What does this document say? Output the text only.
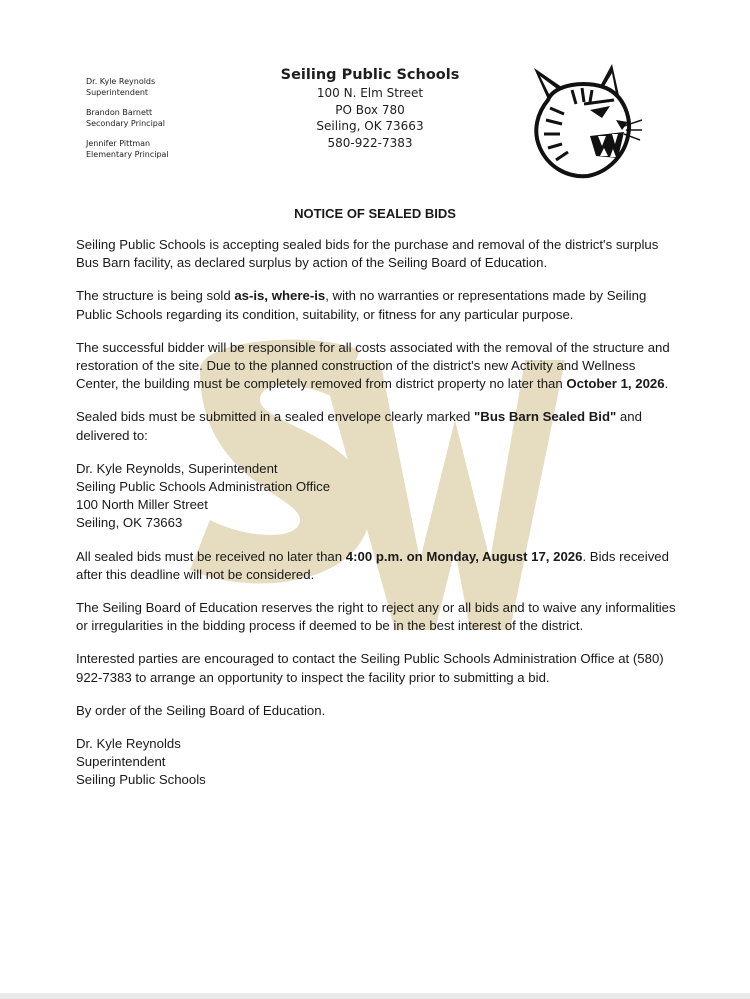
Dr. Kyle Reynolds
Superintendent
Brandon Barnett
Secondary Principal
Jennifer Pittman
Elementary Principal
Seiling Public Schools
100 N. Elm Street
PO Box 780
Seiling, OK 73663
580-922-7383
NOTICE OF SEALED BIDS

Seiling Public Schools is accepting sealed bids for the purchase and removal of the district's surplus Bus Barn facility, as declared surplus by action of the Seiling Board of Education.

The structure is being sold as-is, where-is, with no warranties or representations made by Seiling Public Schools regarding its condition, suitability, or fitness for any particular purpose.

The successful bidder will be responsible for all costs associated with the removal of the structure and restoration of the site. Due to the planned construction of the district's new Activity and Wellness Center, the building must be completely removed from district property no later than October 1, 2026.

Sealed bids must be submitted in a sealed envelope clearly marked "Bus Barn Sealed Bid" and delivered to:

Dr. Kyle Reynolds, Superintendent
Seiling Public Schools Administration Office
100 North Miller Street
Seiling, OK 73663

All sealed bids must be received no later than 4:00 p.m. on Monday, August 17, 2026. Bids received after this deadline will not be considered.

The Seiling Board of Education reserves the right to reject any or all bids and to waive any informalities or irregularities in the bidding process if deemed to be in the best interest of the district.

Interested parties are encouraged to contact the Seiling Public Schools Administration Office at (580) 922-7383 to arrange an opportunity to inspect the facility prior to submitting a bid.

By order of the Seiling Board of Education.

Dr. Kyle Reynolds
Superintendent
Seiling Public Schools
